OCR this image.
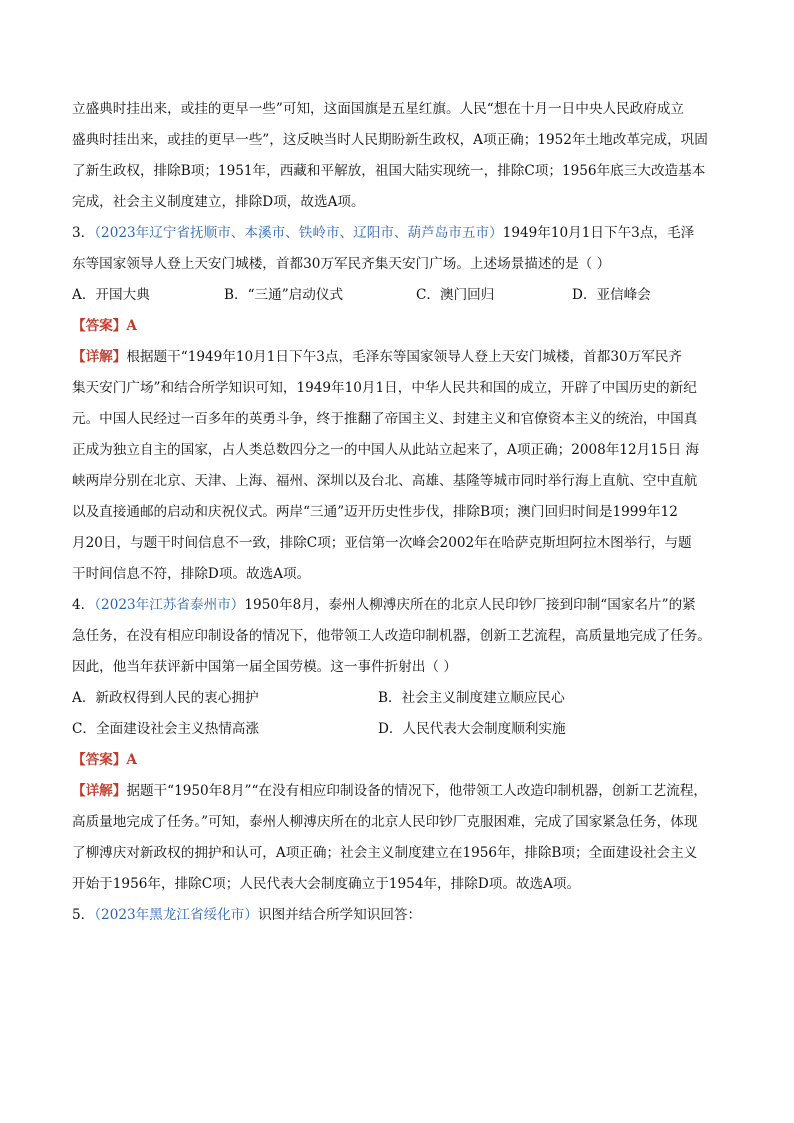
立盛典时挂出来，或挂的更早一些”可知，这面国旗是五星红旗。人民“想在十月一日中央人民政府成立
盛典时挂出来，或挂的更早一些”，这反映当时人民期盼新生政权，A项正确；1952年土地改革完成，巩固
了新生政权，排除B项；1951年，西藏和平解放，祖国大陆实现统一，排除C项；1956年底三大改造基本
完成，社会主义制度建立，排除D项，故选A项。
3．（2023年辽宁省抚顺市、本溪市、铁岭市、辽阳市、葫芦岛市五市）1949年10月1日下午3点，毛泽
东等国家领导人登上天安门城楼，首都30万军民齐集天安门广场。上述场景描述的是（ ）
A．开国大典	B．“三通”启动仪式	C．澳门回归	D．亚信峰会
【答案】A
【详解】根据题干“1949年10月1日下午3点，毛泽东等国家领导人登上天安门城楼，首都30万军民齐
集天安门广场”和结合所学知识可知，1949年10月1日，中华人民共和国的成立，开辟了中国历史的新纪
元。中国人民经过一百多年的英勇斗争，终于推翻了帝国主义、封建主义和官僚资本主义的统治，中国真
正成为独立自主的国家，占人类总数四分之一的中国人从此站立起来了，A项正确；2008年12月15日 海
峡两岸分别在北京、天津、上海、福州、深圳以及台北、高雄、基隆等城市同时举行海上直航、空中直航
以及直接通邮的启动和庆祝仪式。两岸“三通”迈开历史性步伐，排除B项；澳门回归时间是1999年12
月20日，与题干时间信息不一致，排除C项；亚信第一次峰会2002年在哈萨克斯坦阿拉木图举行，与题
干时间信息不符，排除D项。故选A项。
4．（2023年江苏省泰州市）1950年8月，泰州人柳溥庆所在的北京人民印钞厂接到印制“国家名片”的紧
急任务，在没有相应印制设备的情况下，他带领工人改造印制机器，创新工艺流程，高质量地完成了任务。
因此，他当年获评新中国第一届全国劳模。这一事件折射出（ ）
A．新政权得到人民的衷心拥护	B．社会主义制度建立顺应民心
C．全面建设社会主义热情高涨	D．人民代表大会制度顺利实施
【答案】A
【详解】据题干“1950年8月”“在没有相应印制设备的情况下，他带领工人改造印制机器，创新工艺流程，
高质量地完成了任务。”可知，泰州人柳溥庆所在的北京人民印钞厂克服困难，完成了国家紧急任务，体现
了柳溥庆对新政权的拥护和认可，A项正确；社会主义制度建立在1956年，排除B项；全面建设社会主义
开始于1956年，排除C项；人民代表大会制度确立于1954年，排除D项。故选A项。
5．（2023年黑龙江省绥化市）识图并结合所学知识回答：
